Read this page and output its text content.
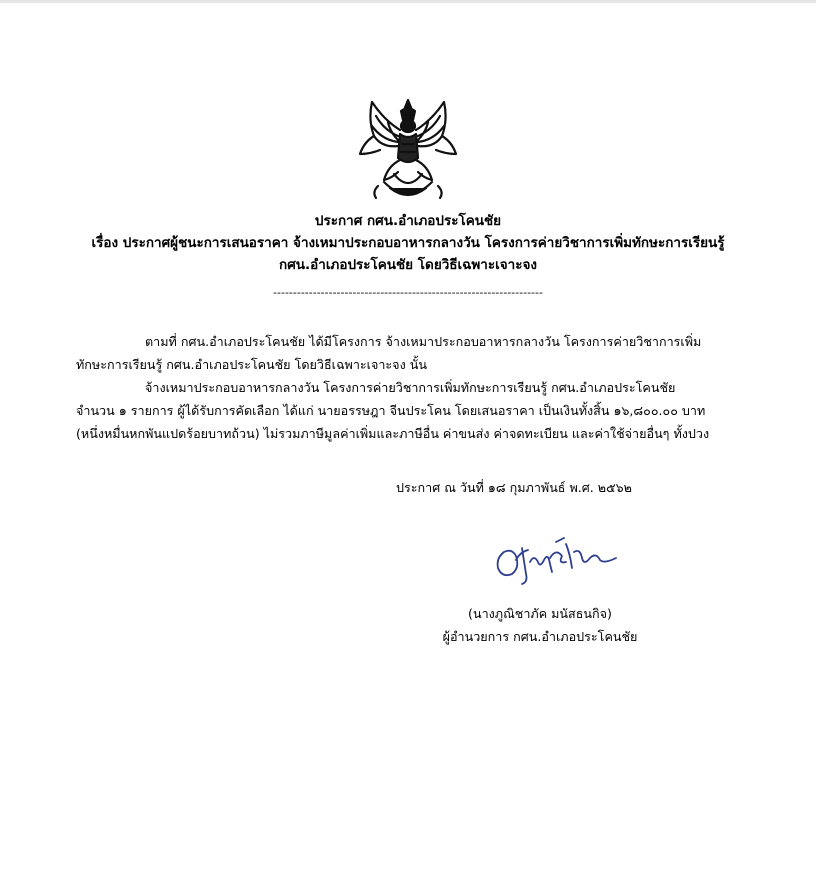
ประกาศ กศน.อำเภอประโคนชัย
เรื่อง ประกาศผู้ชนะการเสนอราคา จ้างเหมาประกอบอาหารกลางวัน โครงการค่ายวิชาการเพิ่มทักษะการเรียนรู้
กศน.อำเภอประโคนชัย โดยวิธีเฉพาะเจาะจง
--------------------------------------------------------------------
ตามที่ กศน.อำเภอประโคนชัย ได้มีโครงการ จ้างเหมาประกอบอาหารกลางวัน โครงการค่ายวิชาการเพิ่ม
ทักษะการเรียนรู้ กศน.อำเภอประโคนชัย โดยวิธีเฉพาะเจาะจง นั้น
จ้างเหมาประกอบอาหารกลางวัน โครงการค่ายวิชาการเพิ่มทักษะการเรียนรู้ กศน.อำเภอประโคนชัย
จำนวน ๑ รายการ ผู้ได้รับการคัดเลือก ได้แก่ นายอรรษฎา จีนประโคน โดยเสนอราคา เป็นเงินทั้งสิ้น ๑๖,๘๐๐.๐๐ บาท
(หนึ่งหมื่นหกพันแปดร้อยบาทถ้วน) ไม่รวมภาษีมูลค่าเพิ่มและภาษีอื่น ค่าขนส่ง ค่าจดทะเบียน และค่าใช้จ่ายอื่นๆ ทั้งปวง
ประกาศ ณ วันที่ ๑๘ กุมภาพันธ์ พ.ศ. ๒๕๖๒
(นางภูณิชาภัค มนัสธนกิจ)
ผู้อำนวยการ กศน.อำเภอประโคนชัย
